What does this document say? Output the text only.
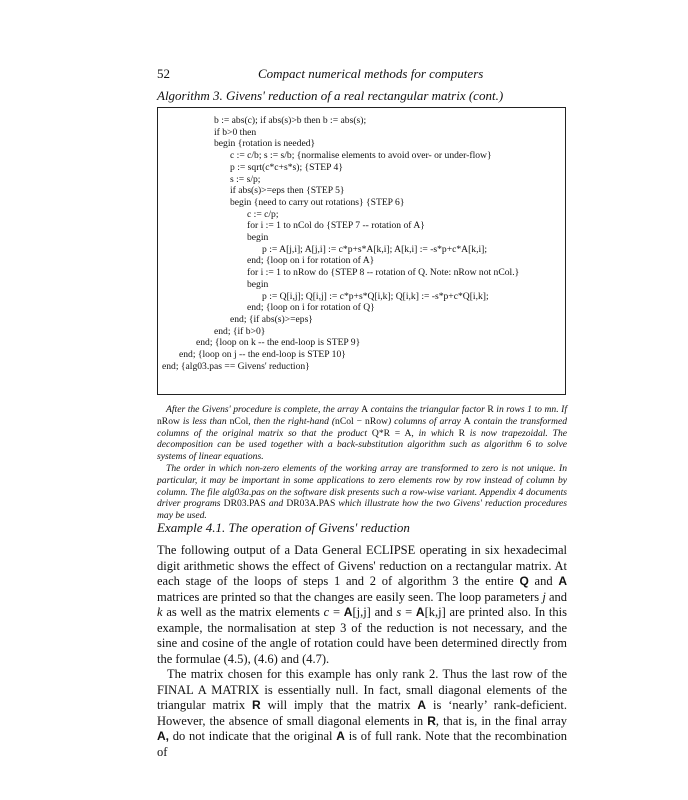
52	Compact numerical methods for computers
Algorithm 3. Givens' reduction of a real rectangular matrix (cont.)
b := abs(c); if abs(s)>b then b := abs(s);
if b>0 then
begin {rotation is needed}
c := c/b; s := s/b; {normalise elements to avoid over- or under-flow}
p := sqrt(c*c+s*s); {STEP 4}
s := s/p;
if abs(s)>=eps then {STEP 5}
begin {need to carry out rotations} {STEP 6}
c := c/p;
for i := 1 to nCol do {STEP 7 -- rotation of A}
begin
p := A[j,i]; A[j,i] := c*p+s*A[k,i]; A[k,i] := -s*p+c*A[k,i];
end; {loop on i for rotation of A}
for i := 1 to nRow do {STEP 8 -- rotation of Q. Note: nRow not nCol.}
begin
p := Q[i,j]; Q[i,j] := c*p+s*Q[i,k]; Q[i,k] := -s*p+c*Q[i,k];
end; {loop on i for rotation of Q}
end; {if abs(s)>=eps}
end; {if b>0}
end; {loop on k -- the end-loop is STEP 9}
end; {loop on j -- the end-loop is STEP 10}
end; {alg03.pas == Givens' reduction}

After the Givens' procedure is complete, the array A contains the triangular factor R in rows 1 to mn. If nRow is less than nCol, then the right-hand (nCol − nRow) columns of array A contain the transformed columns of the original matrix so that the product Q*R = A, in which R is now trapezoidal. The decomposition can be used together with a back-substitution algorithm such as algorithm 6 to solve systems of linear equations.

The order in which non-zero elements of the working array are transformed to zero is not unique. In particular, it may be important in some applications to zero elements row by row instead of column by column. The file alg03a.pas on the software disk presents such a row-wise variant. Appendix 4 documents driver programs DR03.PAS and DR03A.PAS which illustrate how the two Givens' reduction procedures may be used.

Example 4.1. The operation of Givens' reduction

The following output of a Data General ECLIPSE operating in six hexadecimal digit arithmetic shows the effect of Givens' reduction on a rectangular matrix. At each stage of the loops of steps 1 and 2 of algorithm 3 the entire Q and A matrices are printed so that the changes are easily seen. The loop parameters j and k as well as the matrix elements c = A[j,j] and s = A[k,j] are printed also. In this example, the normalisation at step 3 of the reduction is not necessary, and the sine and cosine of the angle of rotation could have been determined directly from the formulae (4.5), (4.6) and (4.7).

The matrix chosen for this example has only rank 2. Thus the last row of the FINAL A MATRIX is essentially null. In fact, small diagonal elements of the triangular matrix R will imply that the matrix A is ‘nearly’ rank-deficient. However, the absence of small diagonal elements in R, that is, in the final array A, do not indicate that the original A is of full rank. Note that the recombination of
